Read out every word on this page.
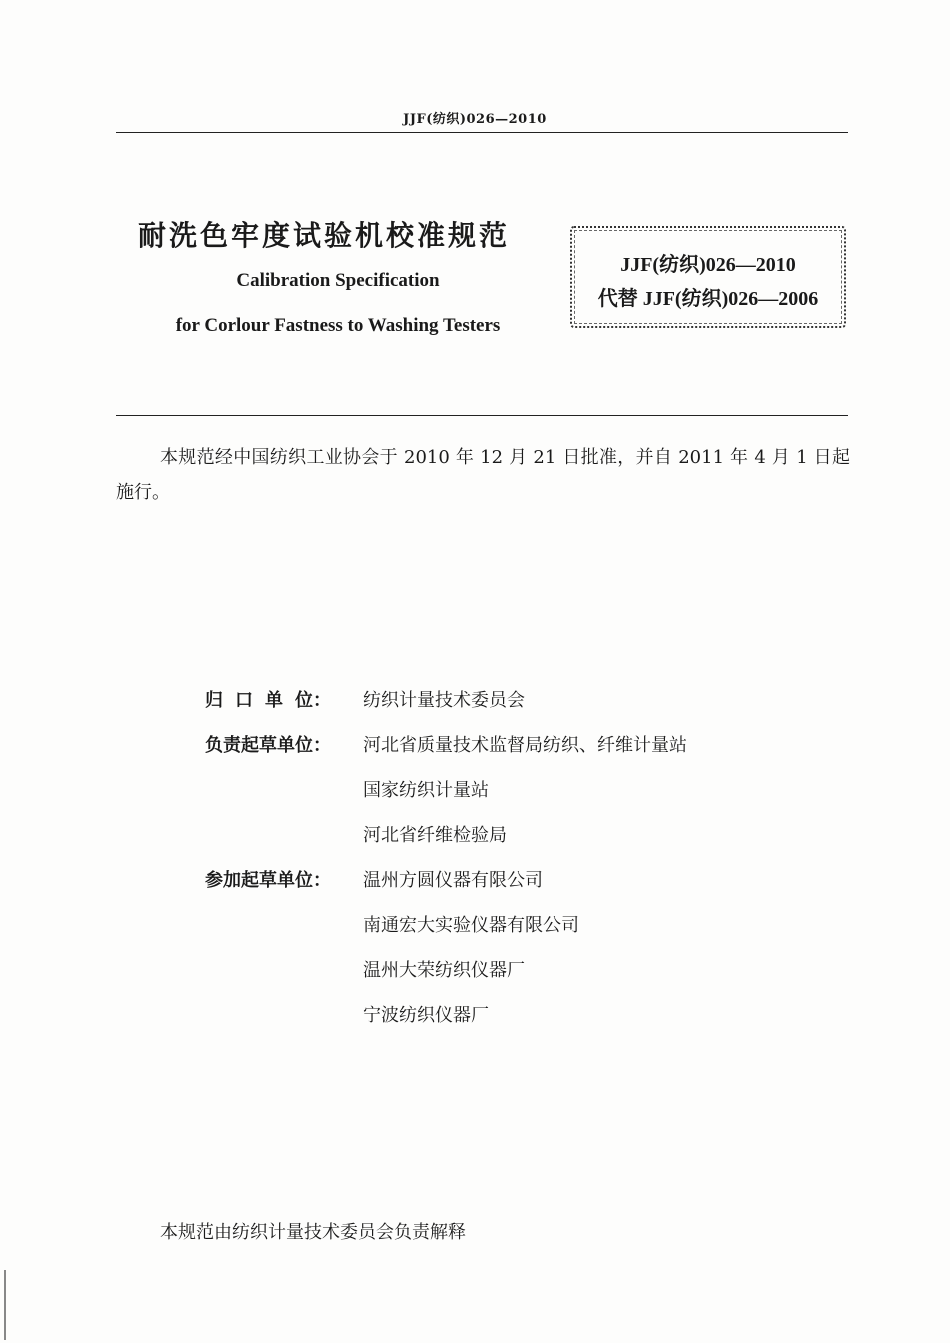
JJF(纺织)026—2010
耐洗色牢度试验机校准规范
Calibration Specification
for Corlour Fastness to Washing Testers
JJF(纺织)026—2010
代替 JJF(纺织)026—2006
本规范经中国纺织工业协会于 2010 年 12 月 21 日批准，并自 2011 年 4 月 1 日起施行。
归口单位： 纺织计量技术委员会
负责起草单位： 河北省质量技术监督局纺织、纤维计量站
国家纺织计量站
河北省纤维检验局
参加起草单位： 温州方圆仪器有限公司
南通宏大实验仪器有限公司
温州大荣纺织仪器厂
宁波纺织仪器厂
本规范由纺织计量技术委员会负责解释
